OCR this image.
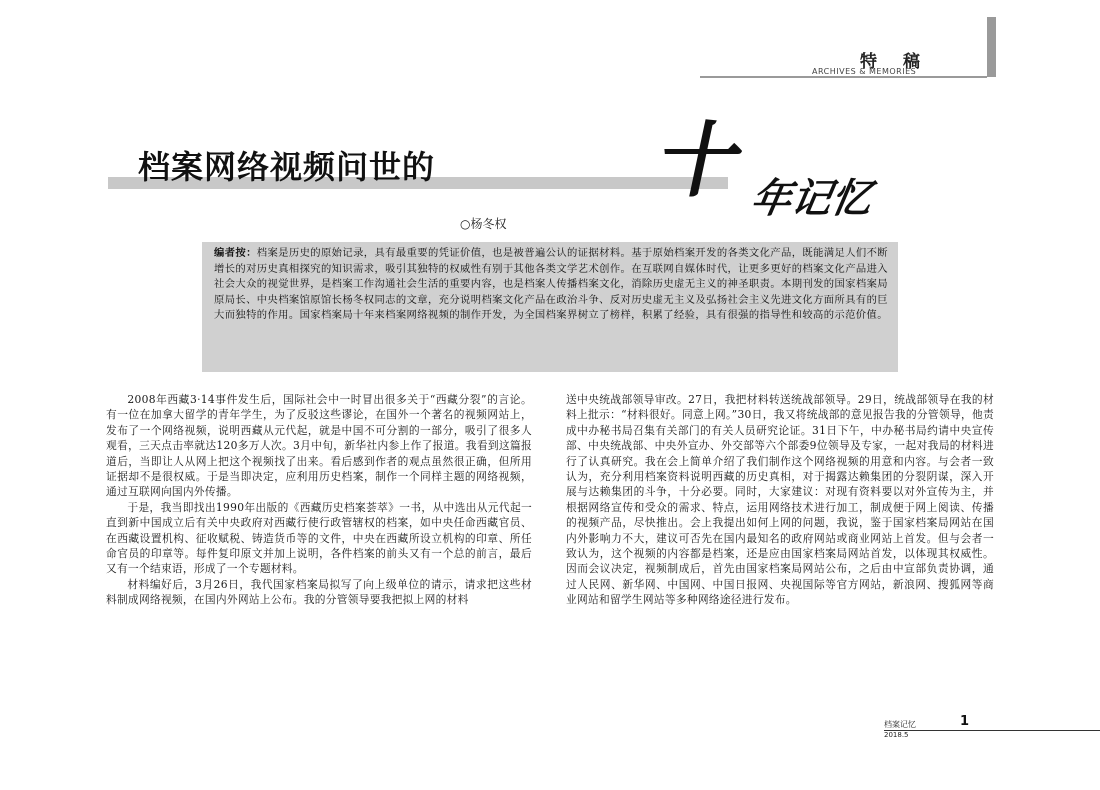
特稿
ARCHIVES & MEMORIES
档案网络视频问世的	十
年记忆
○杨冬权
编者按：档案是历史的原始记录，具有最重要的凭证价值，也是被普遍公认的证据材料。基于原始档案开发的各类文化产品，既能满足人们不断增长的对历史真相探究的知识需求，吸引其独特的权威性有别于其他各类文学艺术创作。在互联网自媒体时代，让更多更好的档案文化产品进入社会大众的视觉世界，是档案工作沟通社会生活的重要内容，也是档案人传播档案文化，消除历史虚无主义的神圣职责。本期刊发的国家档案局原局长、中央档案馆原馆长杨冬权同志的文章，充分说明档案文化产品在政治斗争、反对历史虚无主义及弘扬社会主义先进文化方面所具有的巨大而独特的作用。国家档案局十年来档案网络视频的制作开发，为全国档案界树立了榜样，积累了经验，具有很强的指导性和较高的示范价值。

2008年西藏3·14事件发生后，国际社会中一时冒出很多关于“西藏分裂”的言论。有一位在加拿大留学的青年学生，为了反驳这些谬论，在国外一个著名的视频网站上，发布了一个网络视频，说明西藏从元代起，就是中国不可分割的一部分，吸引了很多人观看，三天点击率就达120多万人次。3月中旬，新华社内参上作了报道。我看到这篇报道后，当即让人从网上把这个视频找了出来。看后感到作者的观点虽然很正确，但所用证据却不是很权威。于是当即决定，应利用历史档案，制作一个同样主题的网络视频，通过互联网向国内外传播。

于是，我当即找出1990年出版的《西藏历史档案荟萃》一书，从中选出从元代起一直到新中国成立后有关中央政府对西藏行使行政管辖权的档案，如中央任命西藏官员、在西藏设置机构、征收赋税、铸造货币等的文件，中央在西藏所设立机构的印章、所任命官员的印章等。每件复印原文并加上说明，各件档案的前头又有一个总的前言，最后又有一个结束语，形成了一个专题材料。

材料编好后，3月26日，我代国家档案局拟写了向上级单位的请示，请求把这些材料制成网络视频，在国内外网站上公布。我的分管领导要我把拟上网的材料

送中央统战部领导审改。27日，我把材料转送统战部领导。29日，统战部领导在我的材料上批示：“材料很好。同意上网。”30日，我又将统战部的意见报告我的分管领导，他责成中办秘书局召集有关部门的有关人员研究论证。31日下午，中办秘书局约请中央宣传部、中央统战部、中央外宣办、外交部等六个部委9位领导及专家，一起对我局的材料进行了认真研究。我在会上简单介绍了我们制作这个网络视频的用意和内容。与会者一致认为，充分利用档案资料说明西藏的历史真相，对于揭露达赖集团的分裂阴谋，深入开展与达赖集团的斗争，十分必要。同时，大家建议：对现有资料要以对外宣传为主，并根据网络宣传和受众的需求、特点，运用网络技术进行加工，制成便于网上阅读、传播的视频产品，尽快推出。会上我提出如何上网的问题，我说，鉴于国家档案局网站在国内外影响力不大，建议可否先在国内最知名的政府网站或商业网站上首发。但与会者一致认为，这个视频的内容都是档案，还是应由国家档案局网站首发，以体现其权威性。因而会议决定，视频制成后，首先由国家档案局网站公布，之后由中宣部负责协调，通过人民网、新华网、中国网、中国日报网、央视国际等官方网站，新浪网、搜狐网等商业网站和留学生网站等多种网络途径进行发布。

档案记忆	1
2018.5
